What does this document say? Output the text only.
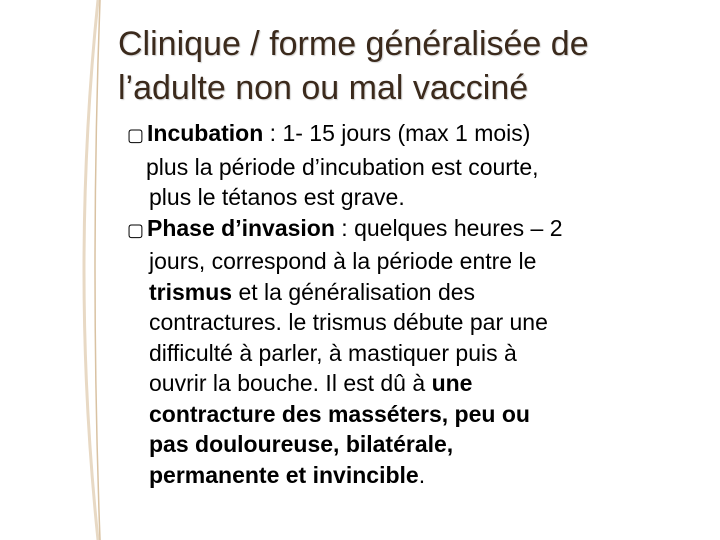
Clinique / forme généralisée de
l’adulte non ou mal vacciné
▢ Incubation : 1- 15 jours (max 1 mois)
plus la période d’incubation est courte,
plus le tétanos est grave.
▢ Phase d’invasion : quelques heures – 2
jours, correspond à la période entre le
trismus et la généralisation des
contractures. le trismus débute par une
difficulté à parler, à mastiquer puis à
ouvrir la bouche. Il est dû à une
contracture des masséters, peu ou
pas douloureuse, bilatérale,
permanente et invincible.
